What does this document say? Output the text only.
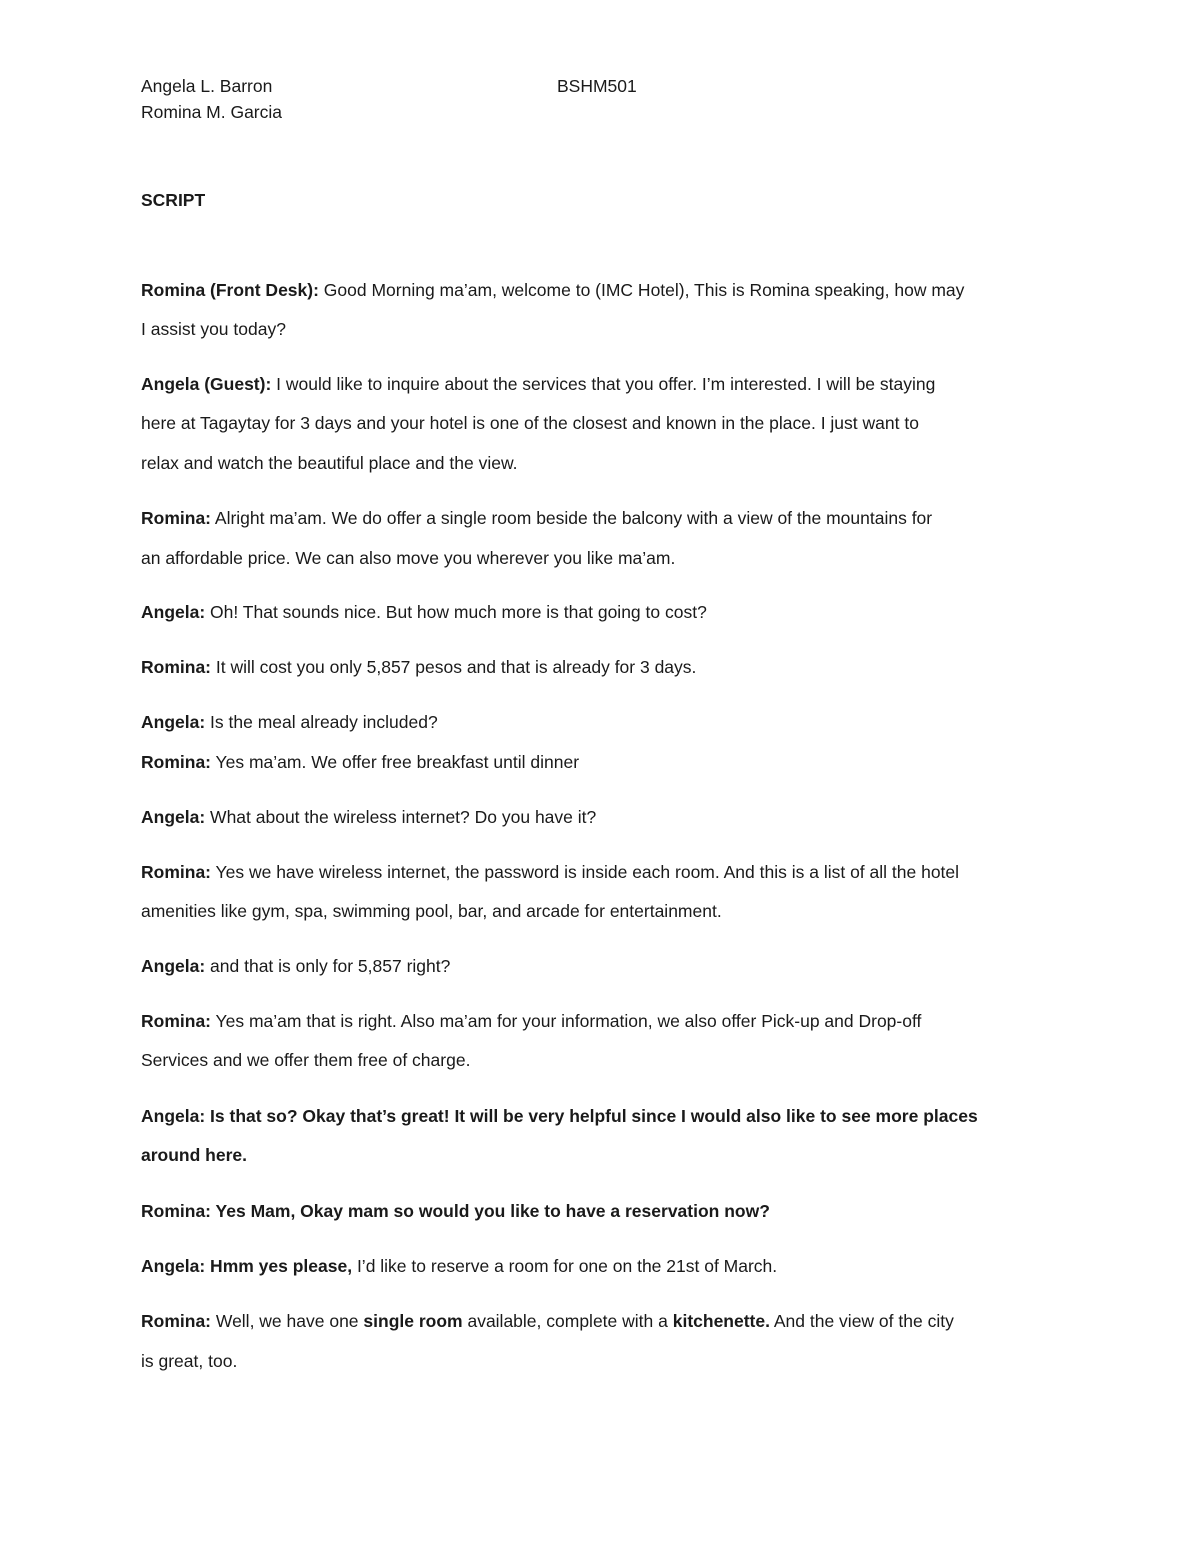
Angela L. Barron	BSHM501
Romina M. Garcia
SCRIPT
Romina (Front Desk): Good Morning ma’am, welcome to (IMC Hotel), This is Romina speaking, how may
I assist you today?
Angela (Guest): I would like to inquire about the services that you offer. I’m interested. I will be staying
here at Tagaytay for 3 days and your hotel is one of the closest and known in the place. I just want to
relax and watch the beautiful place and the view.
Romina: Alright ma’am. We do offer a single room beside the balcony with a view of the mountains for
an affordable price. We can also move you wherever you like ma’am.
Angela: Oh! That sounds nice. But how much more is that going to cost?
Romina: It will cost you only 5,857 pesos and that is already for 3 days.
Angela: Is the meal already included?
Romina: Yes ma’am. We offer free breakfast until dinner
Angela: What about the wireless internet? Do you have it?
Romina: Yes we have wireless internet, the password is inside each room. And this is a list of all the hotel
amenities like gym, spa, swimming pool, bar, and arcade for entertainment.
Angela: and that is only for 5,857 right?
Romina: Yes ma’am that is right. Also ma’am for your information, we also offer Pick-up and Drop-off
Services and we offer them free of charge.
Angela: Is that so? Okay that’s great! It will be very helpful since I would also like to see more places
around here.
Romina: Yes Mam, Okay mam so would you like to have a reservation now?
Angela: Hmm yes please, I’d like to reserve a room for one on the 21st of March.
Romina: Well, we have one single room available, complete with a kitchenette. And the view of the city
is great, too.
